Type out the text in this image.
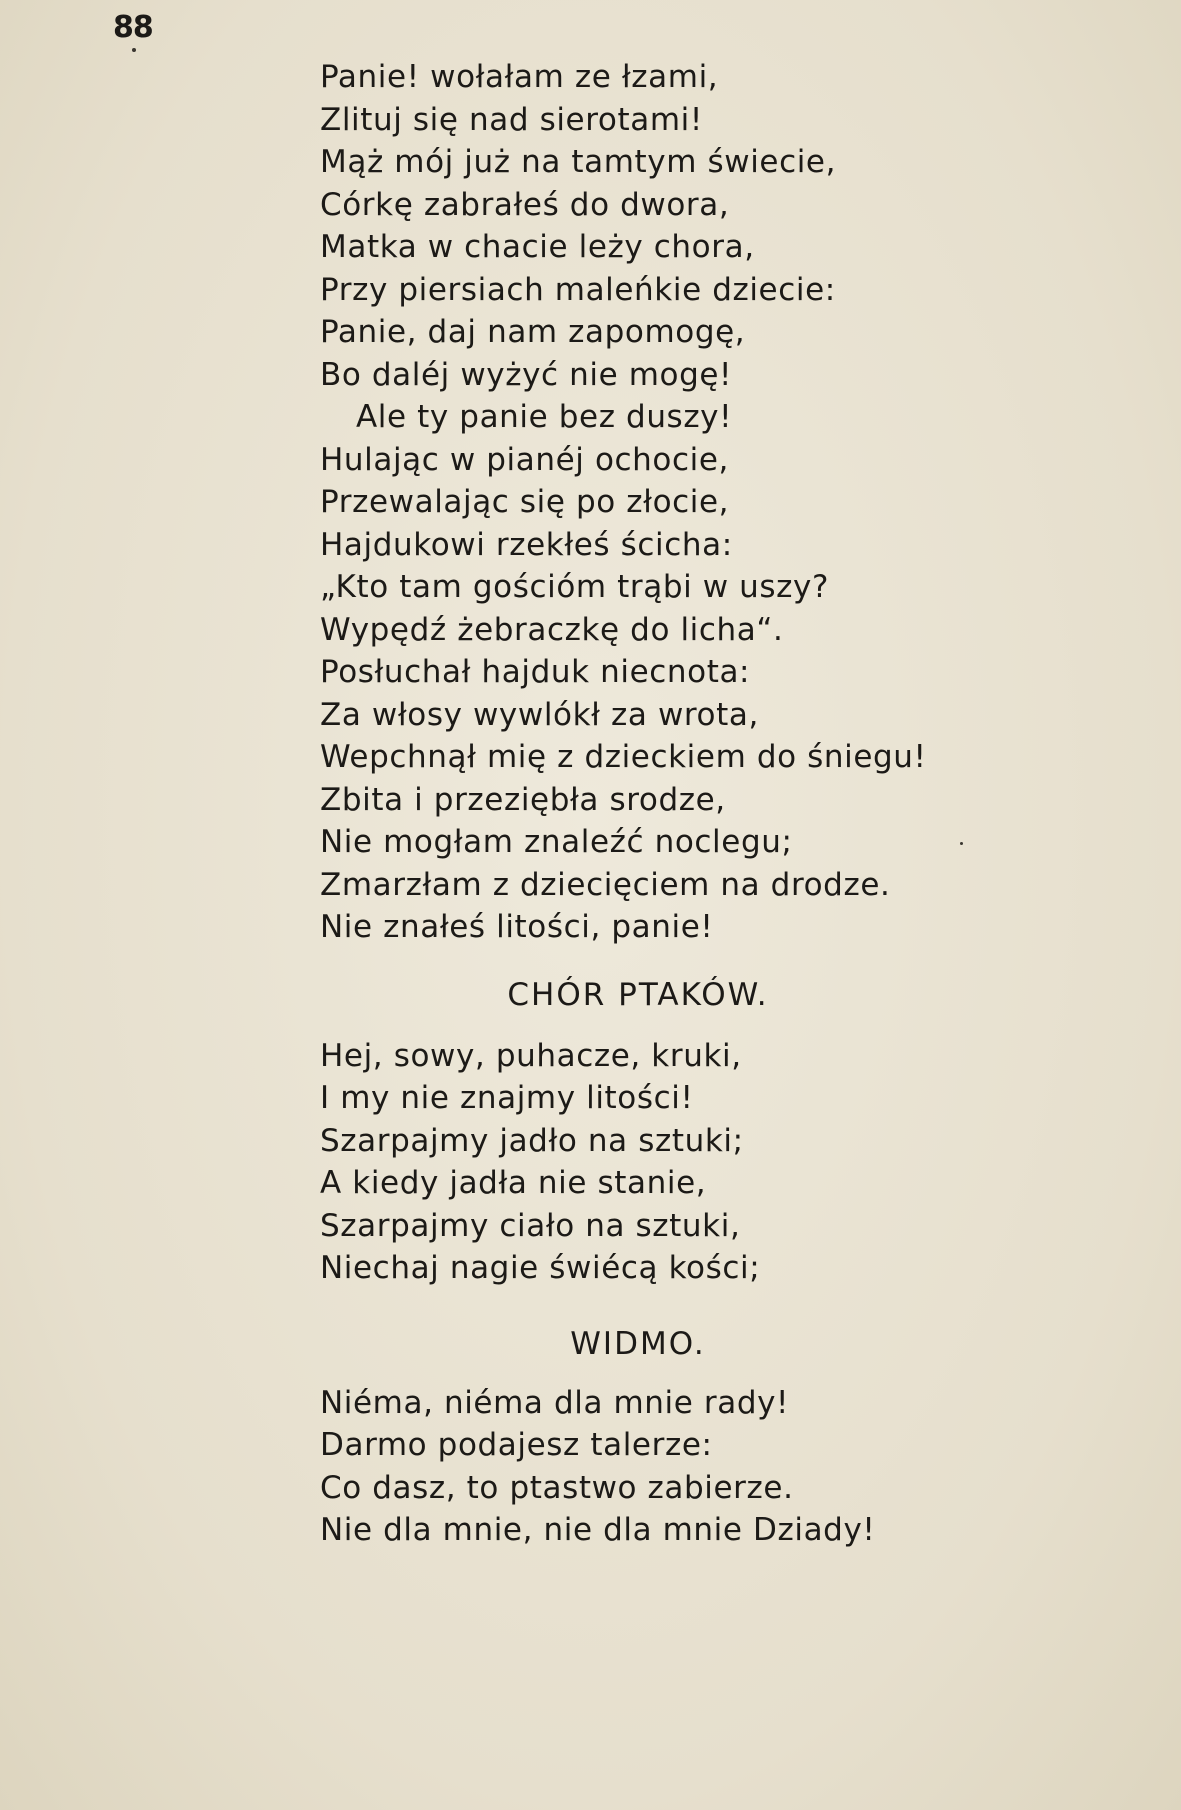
88
Panie! wołałam ze łzami,
Zlituj się nad sierotami!
Mąż mój już na tamtym świecie,
Córkę zabrałeś do dwora,
Matka w chacie leży chora,
Przy piersiach maleńkie dziecie:
Panie, daj nam zapomogę,
Bo daléj wyżyć nie mogę!
Ale ty panie bez duszy!
Hulając w pianéj ochocie,
Przewalając się po złocie,
Hajdukowi rzekłeś ścicha:
„Kto tam gościóm trąbi w uszy?
Wypędź żebraczkę do licha“.
Posłuchał hajduk niecnota:
Za włosy wywlókł za wrota,
Wepchnął mię z dzieckiem do śniegu!
Zbita i przeziębła srodze,
Nie mogłam znaleźć noclegu;
Zmarzłam z dziecięciem na drodze.
Nie znałeś litości, panie!
CHÓR PTAKÓW.
Hej, sowy, puhacze, kruki,
I my nie znajmy litości!
Szarpajmy jadło na sztuki;
A kiedy jadła nie stanie,
Szarpajmy ciało na sztuki,
Niechaj nagie świécą kości;
WIDMO.
Niéma, niéma dla mnie rady!
Darmo podajesz talerze:
Co dasz, to ptastwo zabierze.
Nie dla mnie, nie dla mnie Dziady!
